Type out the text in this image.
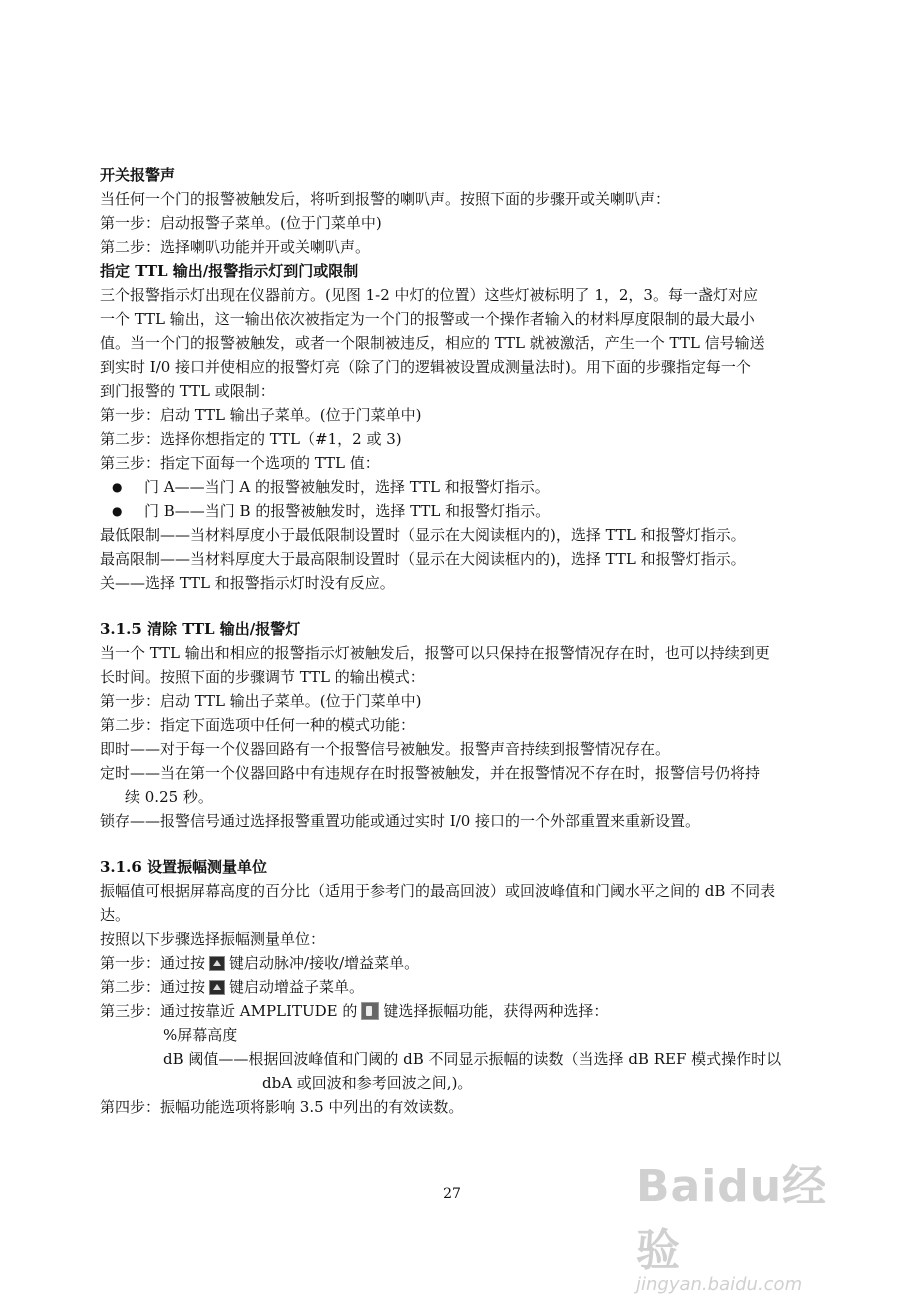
开关报警声
当任何一个门的报警被触发后，将听到报警的喇叭声。按照下面的步骤开或关喇叭声：
第一步：启动报警子菜单。(位于门菜单中)
第二步：选择喇叭功能并开或关喇叭声。
指定 TTL 输出/报警指示灯到门或限制
三个报警指示灯出现在仪器前方。(见图 1-2 中灯的位置）这些灯被标明了 1，2，3。每一盏灯对应
一个 TTL 输出，这一输出依次被指定为一个门的报警或一个操作者输入的材料厚度限制的最大最小
值。当一个门的报警被触发，或者一个限制被违反，相应的 TTL 就被激活，产生一个 TTL 信号输送
到实时 I/0 接口并使相应的报警灯亮（除了门的逻辑被设置成测量法时)。用下面的步骤指定每一个
到门报警的 TTL 或限制：
第一步：启动 TTL 输出子菜单。(位于门菜单中)
第二步：选择你想指定的 TTL（#1，2 或 3)
第三步：指定下面每一个选项的 TTL 值：
● 门 A——当门 A 的报警被触发时，选择 TTL 和报警灯指示。
● 门 B——当门 B 的报警被触发时，选择 TTL 和报警灯指示。
最低限制——当材料厚度小于最低限制设置时（显示在大阅读框内的)，选择 TTL 和报警灯指示。
最高限制——当材料厚度大于最高限制设置时（显示在大阅读框内的)，选择 TTL 和报警灯指示。
关——选择 TTL 和报警指示灯时没有反应。
3.1.5 清除 TTL 输出/报警灯
当一个 TTL 输出和相应的报警指示灯被触发后，报警可以只保持在报警情况存在时，也可以持续到更
长时间。按照下面的步骤调节 TTL 的输出模式：
第一步：启动 TTL 输出子菜单。(位于门菜单中)
第二步：指定下面选项中任何一种的模式功能：
即时——对于每一个仪器回路有一个报警信号被触发。报警声音持续到报警情况存在。
定时——当在第一个仪器回路中有违规存在时报警被触发，并在报警情况不存在时，报警信号仍将持
续 0.25 秒。
锁存——报警信号通过选择报警重置功能或通过实时 I/0 接口的一个外部重置来重新设置。
3.1.6 设置振幅测量单位
振幅值可根据屏幕高度的百分比（适用于参考门的最高回波）或回波峰值和门阈水平之间的 dB 不同表
达。
按照以下步骤选择振幅测量单位：
第一步：通过按 键启动脉冲/接收/增益菜单。
第二步：通过按 键启动增益子菜单。
第三步：通过按靠近 AMPLITUDE 的 键选择振幅功能，获得两种选择：
%屏幕高度
dB 阈值——根据回波峰值和门阈的 dB 不同显示振幅的读数（当选择 dB REF 模式操作时以
dbA 或回波和参考回波之间,)。
第四步：振幅功能选项将影响 3.5 中列出的有效读数。
27	Baidu经验
jingyan.baidu.com
